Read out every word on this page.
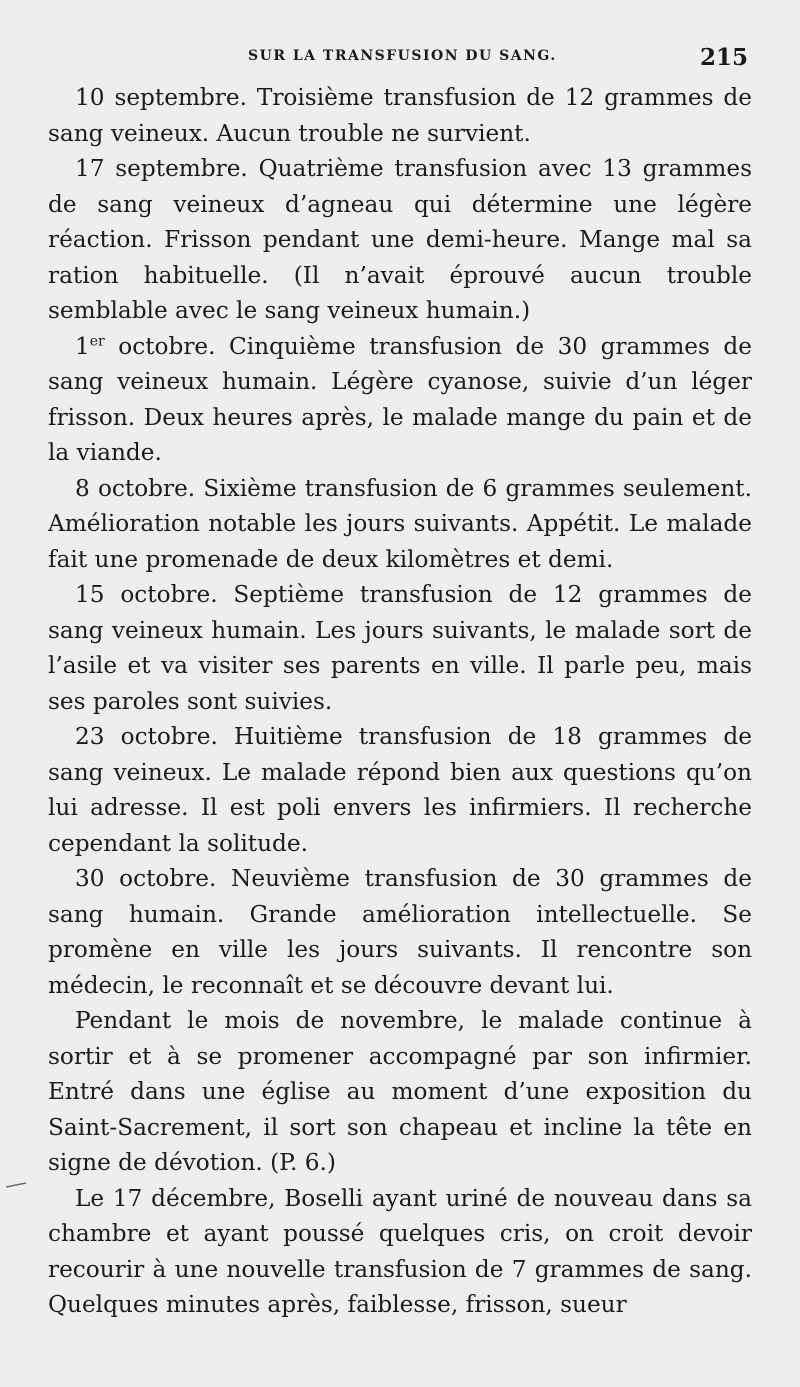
SUR LA TRANSFUSION DU SANG.	215

10 septembre. Troisième transfusion de 12 grammes de sang veineux. Aucun trouble ne survient.

17 septembre. Quatrième transfusion avec 13 grammes de sang veineux d’agneau qui détermine une légère réaction. Frisson pendant une demi-heure. Mange mal sa ration habituelle. (Il n’avait éprouvé aucun trouble semblable avec le sang veineux humain.)

1er octobre. Cinquième transfusion de 30 grammes de sang veineux humain. Légère cyanose, suivie d’un léger frisson. Deux heures après, le malade mange du pain et de la viande.

8 octobre. Sixième transfusion de 6 grammes seulement. Amélioration notable les jours suivants. Appétit. Le malade fait une promenade de deux kilomètres et demi.

15 octobre. Septième transfusion de 12 grammes de sang veineux humain. Les jours suivants, le malade sort de l’asile et va visiter ses parents en ville. Il parle peu, mais ses paroles sont suivies.

23 octobre. Huitième transfusion de 18 grammes de sang veineux. Le malade répond bien aux questions qu’on lui adresse. Il est poli envers les infirmiers. Il recherche cependant la solitude.

30 octobre. Neuvième transfusion de 30 grammes de sang humain. Grande amélioration intellectuelle. Se promène en ville les jours suivants. Il rencontre son médecin, le reconnaît et se découvre devant lui.

Pendant le mois de novembre, le malade continue à sortir et à se promener accompagné par son infirmier. Entré dans une église au moment d’une exposition du Saint-Sacrement, il sort son chapeau et incline la tête en signe de dévotion. (P. 6.)

Le 17 décembre, Boselli ayant uriné de nouveau dans sa chambre et ayant poussé quelques cris, on croit devoir recourir à une nouvelle transfusion de 7 grammes de sang. Quelques minutes après, faiblesse, frisson, sueur
